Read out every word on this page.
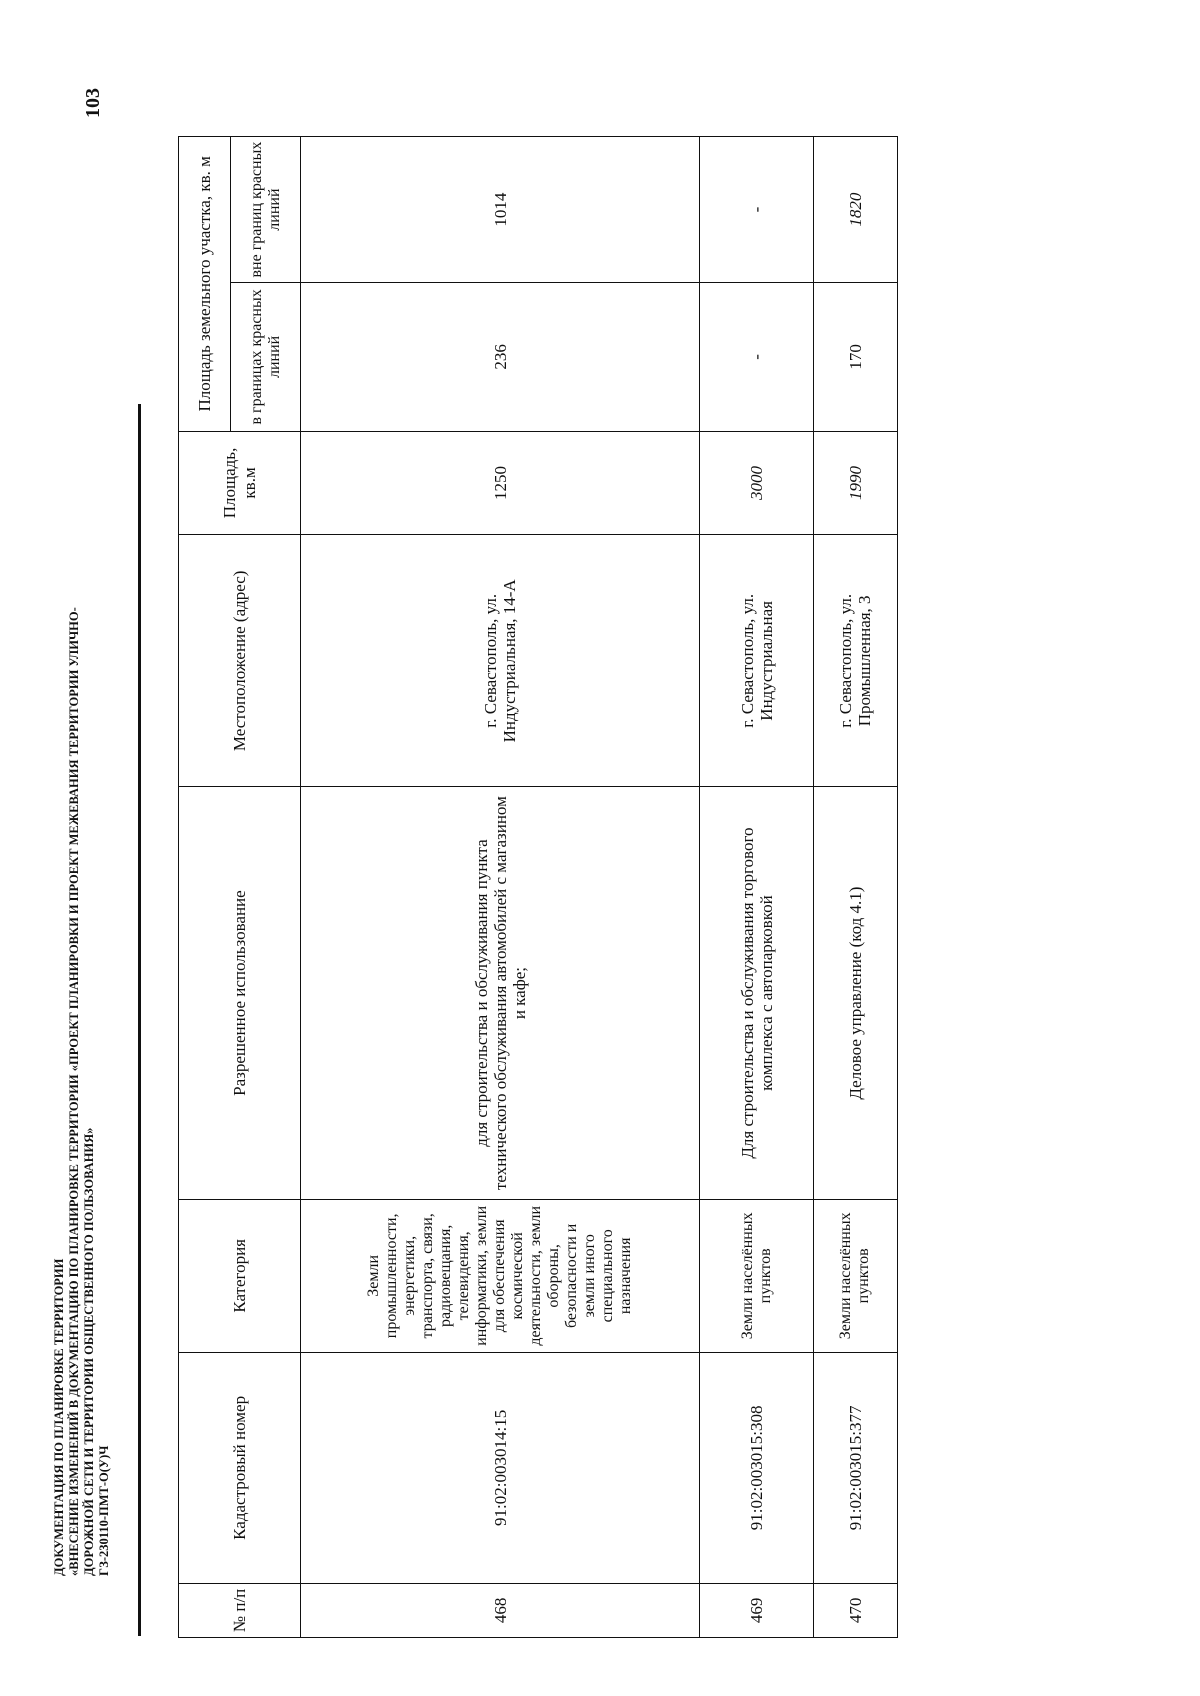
103
ДОКУМЕНТАЦИЯ ПО ПЛАНИРОВКЕ ТЕРРИТОРИИ «ВНЕСЕНИЕ ИЗМЕНЕНИЙ В ДОКУМЕНТАЦИЮ ПО ПЛАНИРОВКЕ ТЕРРИТОРИИ «ПРОЕКТ ПЛАНИРОВКИ И ПРОЕКТ МЕЖЕВАНИЯ ТЕРРИТОРИИ УЛИЧНО- ДОРОЖНОЙ СЕТИ И ТЕРРИТОРИИ ОБЩЕСТВЕННОГО ПОЛЬЗОВАНИЯ» ГЗ-230110-ПМТ-О(У)Ч
№ п/п	Кадастровый номер	Категория	Разрешенное использование	Местоположение (адрес)	Площадь, кв.м	Площадь земельного участка, кв. м	
						в границах красных линий	вне границ красных линий
468	91:02:003014:15	Земли промышленности, энергетики, транспорта, связи, радиовещания, телевидения, информатики, земли для обеспечения космической деятельности, земли обороны, безопасности и земли иного специального назначения	для строительства и обслуживания пункта технического обслуживания автомобилей с магазином и кафе;	г. Севастополь, ул. Индустриальная, 14-А	1250	236	1014
469	91:02:003015:308	Земли населённых пунктов	Для строительства и обслуживания торгового комплекса с автопарковкой	г. Севастополь, ул. Индустриальная	3000	-	-
470	91:02:003015:377	Земли населённых пунктов	Деловое управление (код 4.1)	г. Севастополь, ул. Промышленная, 3	1990	170	1820
